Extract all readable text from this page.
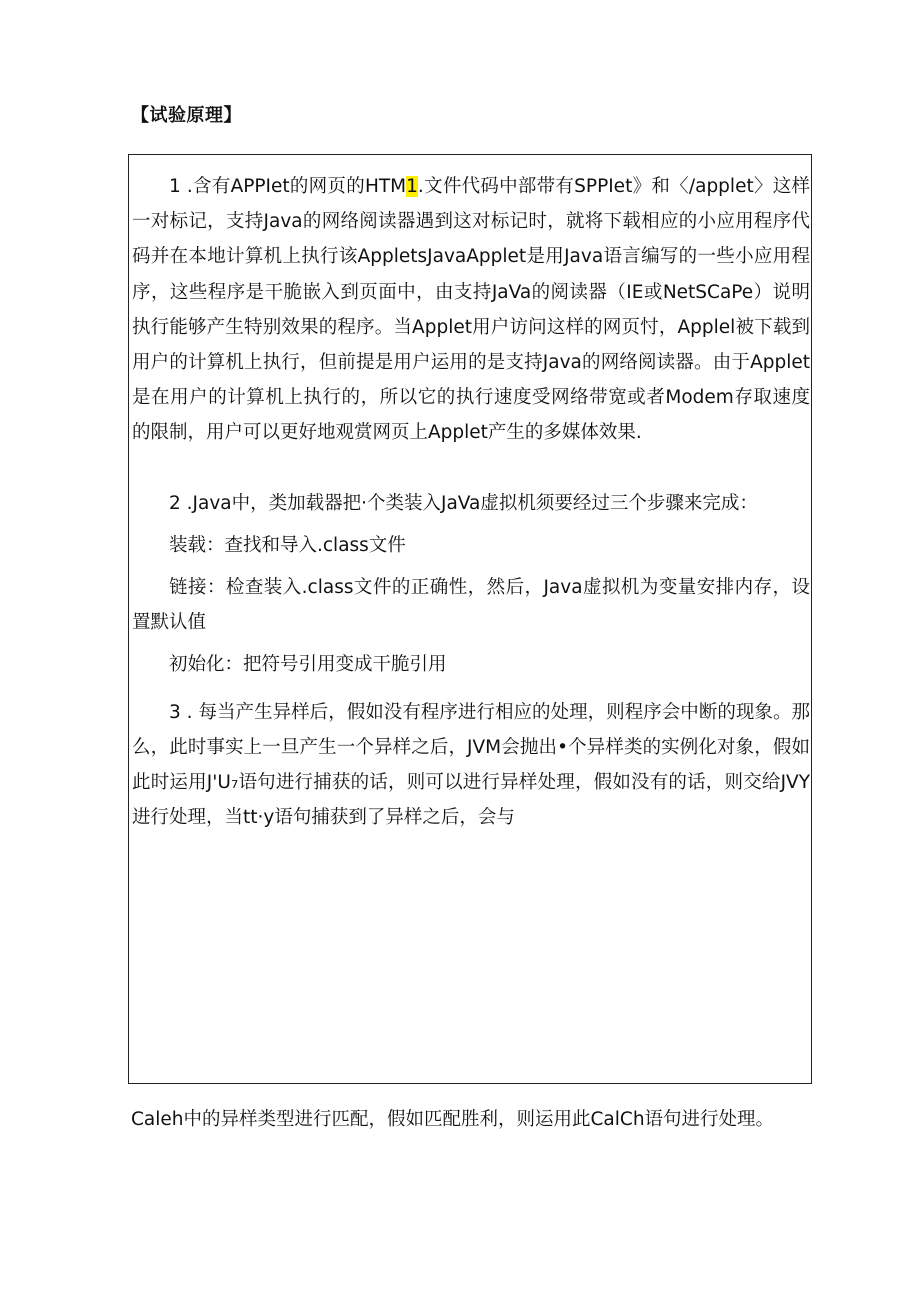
【试验原理】

1 .含有APPIet的网页的HTM1.文件代码中部带有SPPIet》和〈/applet〉这样一对标记，支持Java的网络阅读器遇到这对标记时，就将下载相应的小应用程序代码并在本地计算机上执行该AppletsJavaApplet是用Java语言编写的一些小应用程序，这些程序是干脆嵌入到页面中，由支持JaVa的阅读器（IE或NetSCaPe）说明执行能够产生特别效果的程序。当Applet用户访问这样的网页忖，Applel被下载到用户的计算机上执行，但前提是用户运用的是支持Java的网络阅读器。由于Applet是在用户的计算机上执行的，所以它的执行速度受网络带宽或者Modem存取速度的限制，用户可以更好地观赏网页上Applet产生的多媒体效果.

2 .Java中，类加载器把·个类装入JaVa虚拟机须要经过三个步骤来完成：

装载：查找和导入.class文件

链接：检查装入.class文件的正确性，然后，Java虚拟机为变量安排内存，设置默认值

初始化：把符号引用变成干脆引用

3 . 每当产生异样后，假如没有程序进行相应的处理，则程序会中断的现象。那么，此时事实上一旦产生一个异样之后，JVM会抛出•个异样类的实例化对象，假如此时运用J'U₇语句进行捕获的话，则可以进行异样处理，假如没有的话，则交给JVY进行处理，当tt·y语句捕获到了异样之后，会与

Caleh中的异样类型进行匹配，假如匹配胜利，则运用此CalCh语句进行处理。
